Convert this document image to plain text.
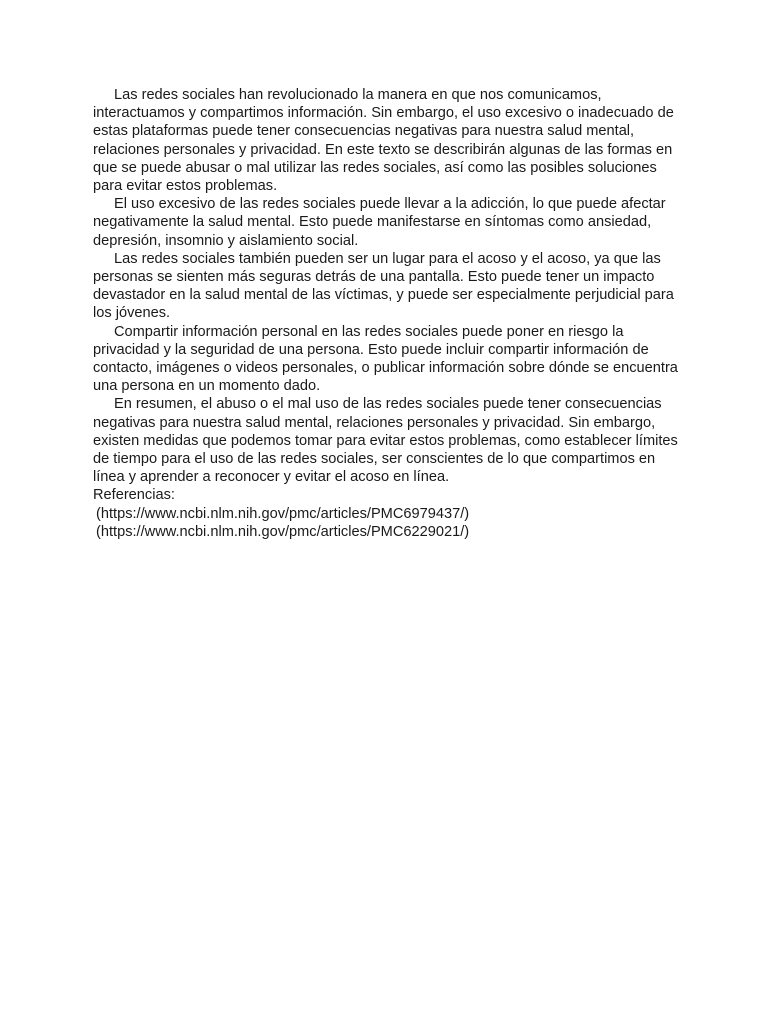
Las redes sociales han revolucionado la manera en que nos comunicamos, interactuamos y compartimos información. Sin embargo, el uso excesivo o inadecuado de estas plataformas puede tener consecuencias negativas para nuestra salud mental, relaciones personales y privacidad. En este texto se describirán algunas de las formas en que se puede abusar o mal utilizar las redes sociales, así como las posibles soluciones para evitar estos problemas.

El uso excesivo de las redes sociales puede llevar a la adicción, lo que puede afectar negativamente la salud mental. Esto puede manifestarse en síntomas como ansiedad, depresión, insomnio y aislamiento social.

Las redes sociales también pueden ser un lugar para el acoso y el acoso, ya que las personas se sienten más seguras detrás de una pantalla. Esto puede tener un impacto devastador en la salud mental de las víctimas, y puede ser especialmente perjudicial para los jóvenes.

Compartir información personal en las redes sociales puede poner en riesgo la privacidad y la seguridad de una persona. Esto puede incluir compartir información de contacto, imágenes o videos personales, o publicar información sobre dónde se encuentra una persona en un momento dado.

En resumen, el abuso o el mal uso de las redes sociales puede tener consecuencias negativas para nuestra salud mental, relaciones personales y privacidad. Sin embargo, existen medidas que podemos tomar para evitar estos problemas, como establecer límites de tiempo para el uso de las redes sociales, ser conscientes de lo que compartimos en línea y aprender a reconocer y evitar el acoso en línea.

Referencias:

(https://www.ncbi.nlm.nih.gov/pmc/articles/PMC6979437/)

(https://www.ncbi.nlm.nih.gov/pmc/articles/PMC6229021/)
